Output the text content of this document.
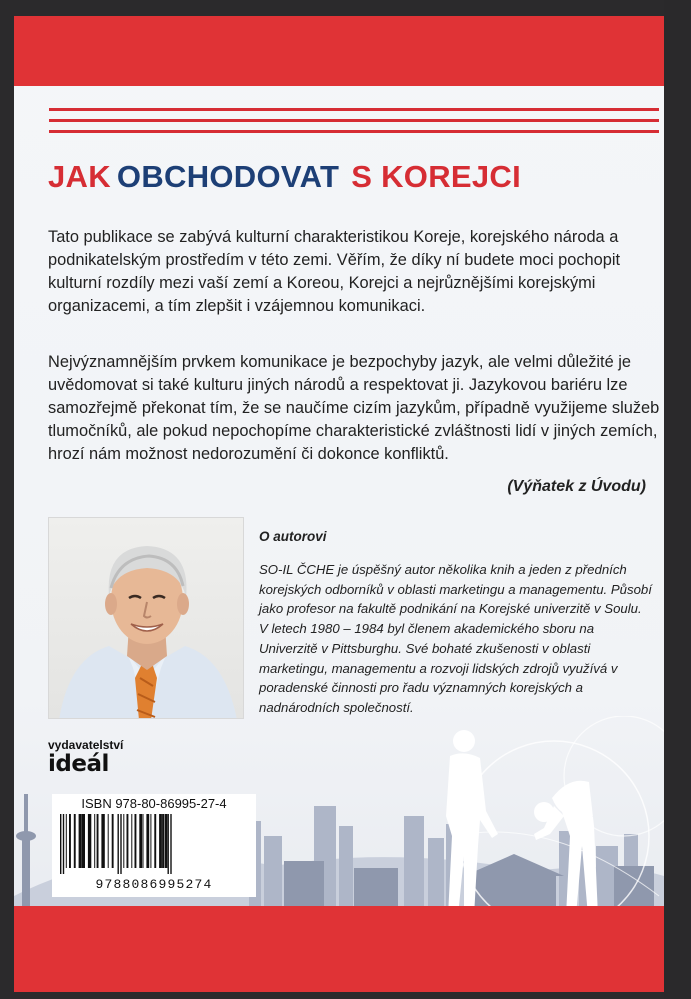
JAK OBCHODOVAT S KOREJCI

Tato publikace se zabývá kulturní charakteristikou Koreje, korejského národa a podnikatelským prostředím v této zemi. Věřím, že díky ní budete moci pochopit kulturní rozdíly mezi vaší zemí a Koreou, Korejci a nejrůznějšími korejskými organizacemi, a tím zlepšit i vzájemnou komunikaci.

Nejvýznamnějším prvkem komunikace je bezpochyby jazyk, ale velmi důležité je uvědomovat si také kulturu jiných národů a respektovat ji. Jazykovou bariéru lze samozřejmě překonat tím, že se naučíme cizím jazykům, případně využijeme služeb tlumočníků, ale pokud nepochopíme charakteristické zvláštnosti lidí v jiných zemích, hrozí nám možnost nedorozumění či dokonce konfliktů.

(Výňatek z Úvodu)
O autorovi

SO-IL ČCHE je úspěšný autor několika knih a jeden z předních korejských odborníků v oblasti marketingu a managementu. Působí jako profesor na fakultě podnikání na Korejské univerzitě v Soulu. V letech 1980 – 1984 byl členem akademického sboru na Univerzitě v Pittsburghu. Své bohaté zkušenosti v oblasti marketingu, managementu a rozvoji lidských zdrojů využívá v poradenské činnosti pro řadu významných korejských a nadnárodních společností.

vydavatelství
ideál
ISBN 978-80-86995-27-4
9788086995274
